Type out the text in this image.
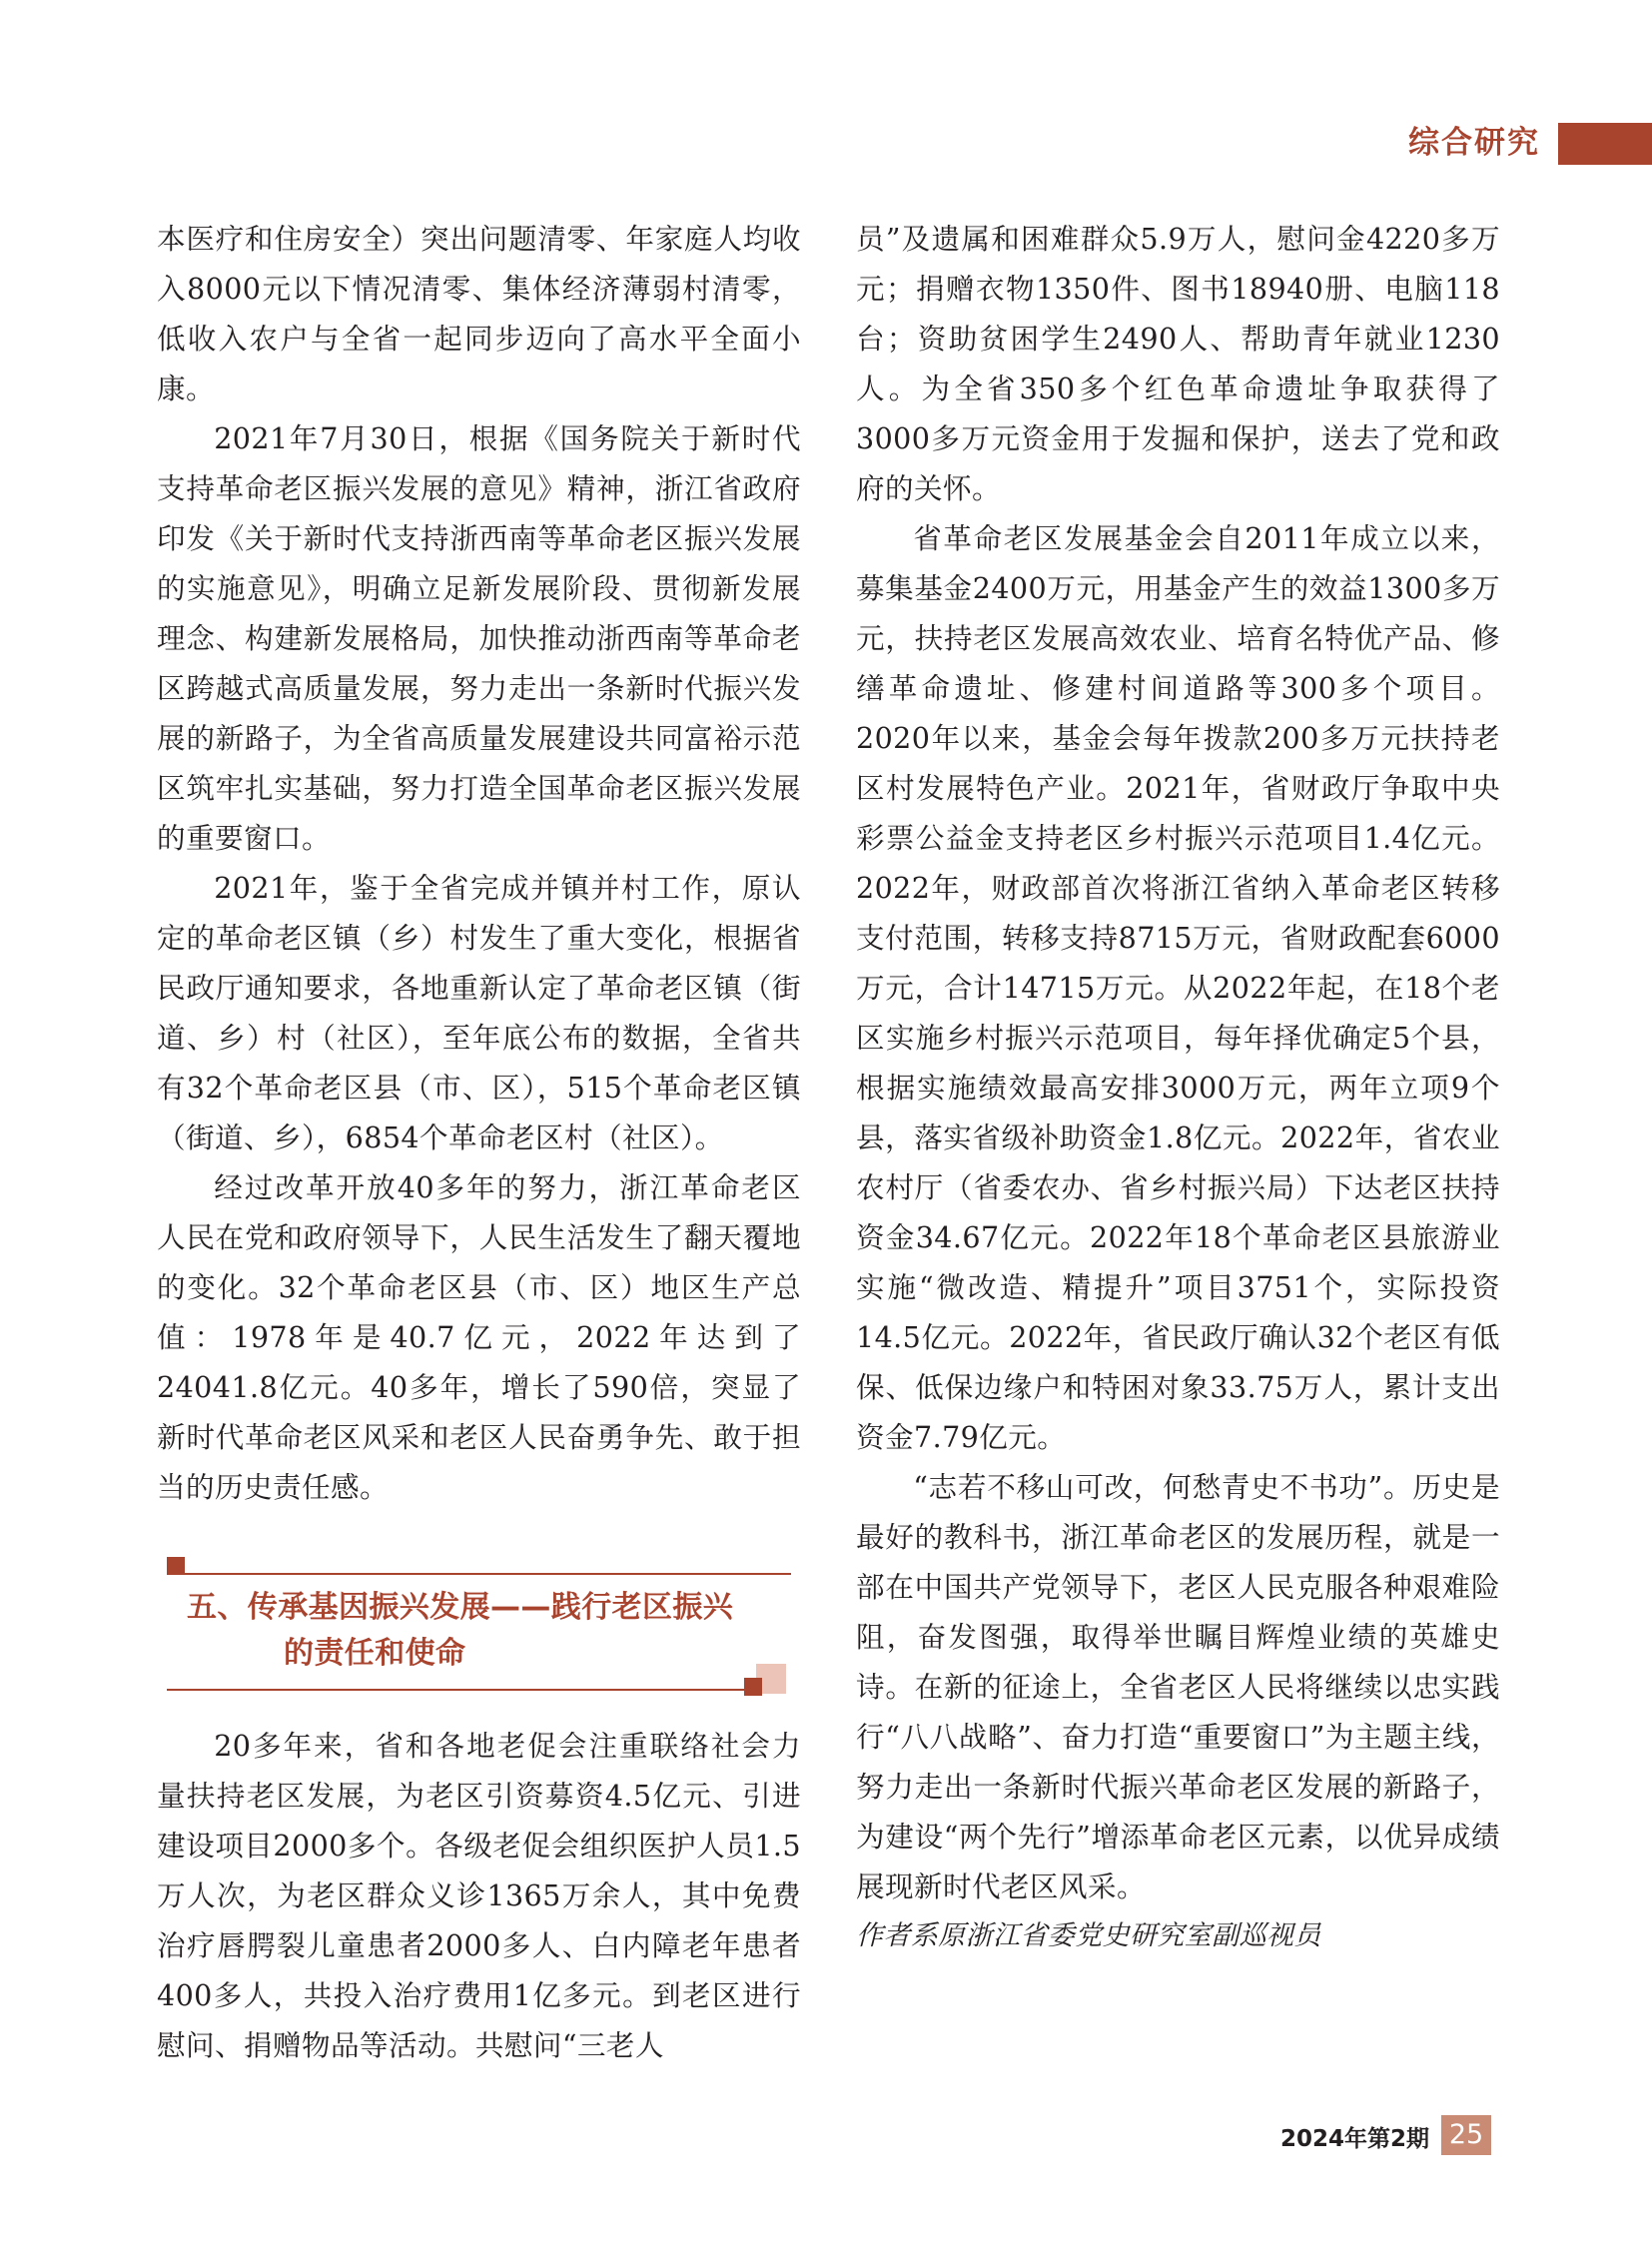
综合研究

本医疗和住房安全）突出问题清零、年家庭人均收入8000元以下情况清零、集体经济薄弱村清零，低收入农户与全省一起同步迈向了高水平全面小康。

2021年7月30日，根据《国务院关于新时代支持革命老区振兴发展的意见》精神，浙江省政府印发《关于新时代支持浙西南等革命老区振兴发展的实施意见》，明确立足新发展阶段、贯彻新发展理念、构建新发展格局，加快推动浙西南等革命老区跨越式高质量发展，努力走出一条新时代振兴发展的新路子，为全省高质量发展建设共同富裕示范区筑牢扎实基础，努力打造全国革命老区振兴发展的重要窗口。

2021年，鉴于全省完成并镇并村工作，原认定的革命老区镇（乡）村发生了重大变化，根据省民政厅通知要求，各地重新认定了革命老区镇（街道、乡）村（社区），至年底公布的数据，全省共有32个革命老区县（市、区），515个革命老区镇（街道、乡），6854个革命老区村（社区）。

经过改革开放40多年的努力，浙江革命老区人民在党和政府领导下，人民生活发生了翻天覆地的变化。32个革命老区县（市、区）地区生产总值：1978年是40.7亿元，2022年达到了24041.8亿元。40多年，增长了590倍，突显了新时代革命老区风采和老区人民奋勇争先、敢于担当的历史责任感。

五、传承基因振兴发展——践行老区振兴
的责任和使命

20多年来，省和各地老促会注重联络社会力量扶持老区发展，为老区引资募资4.5亿元、引进建设项目2000多个。各级老促会组织医护人员1.5万人次，为老区群众义诊1365万余人，其中免费治疗唇腭裂儿童患者2000多人、白内障老年患者400多人，共投入治疗费用1亿多元。到老区进行慰问、捐赠物品等活动。共慰问“三老人

员”及遗属和困难群众5.9万人，慰问金4220多万元；捐赠衣物1350件、图书18940册、电脑118台；资助贫困学生2490人、帮助青年就业1230人。为全省350多个红色革命遗址争取获得了3000多万元资金用于发掘和保护，送去了党和政府的关怀。

省革命老区发展基金会自2011年成立以来，募集基金2400万元，用基金产生的效益1300多万元，扶持老区发展高效农业、培育名特优产品、修缮革命遗址、修建村间道路等300多个项目。2020年以来，基金会每年拨款200多万元扶持老区村发展特色产业。2021年，省财政厅争取中央彩票公益金支持老区乡村振兴示范项目1.4亿元。2022年，财政部首次将浙江省纳入革命老区转移支付范围，转移支持8715万元，省财政配套6000万元，合计14715万元。从2022年起，在18个老区实施乡村振兴示范项目，每年择优确定5个县，根据实施绩效最高安排3000万元，两年立项9个县，落实省级补助资金1.8亿元。2022年，省农业农村厅（省委农办、省乡村振兴局）下达老区扶持资金34.67亿元。2022年18个革命老区县旅游业实施“微改造、精提升”项目3751个，实际投资14.5亿元。2022年，省民政厅确认32个老区有低保、低保边缘户和特困对象33.75万人，累计支出资金7.79亿元。

“志若不移山可改，何愁青史不书功”。历史是最好的教科书，浙江革命老区的发展历程，就是一部在中国共产党领导下，老区人民克服各种艰难险阻，奋发图强，取得举世瞩目辉煌业绩的英雄史诗。在新的征途上，全省老区人民将继续以忠实践行“八八战略”、奋力打造“重要窗口”为主题主线，努力走出一条新时代振兴革命老区发展的新路子，为建设“两个先行”增添革命老区元素，以优异成绩展现新时代老区风采。

作者系原浙江省委党史研究室副巡视员

2024年第2期 25
